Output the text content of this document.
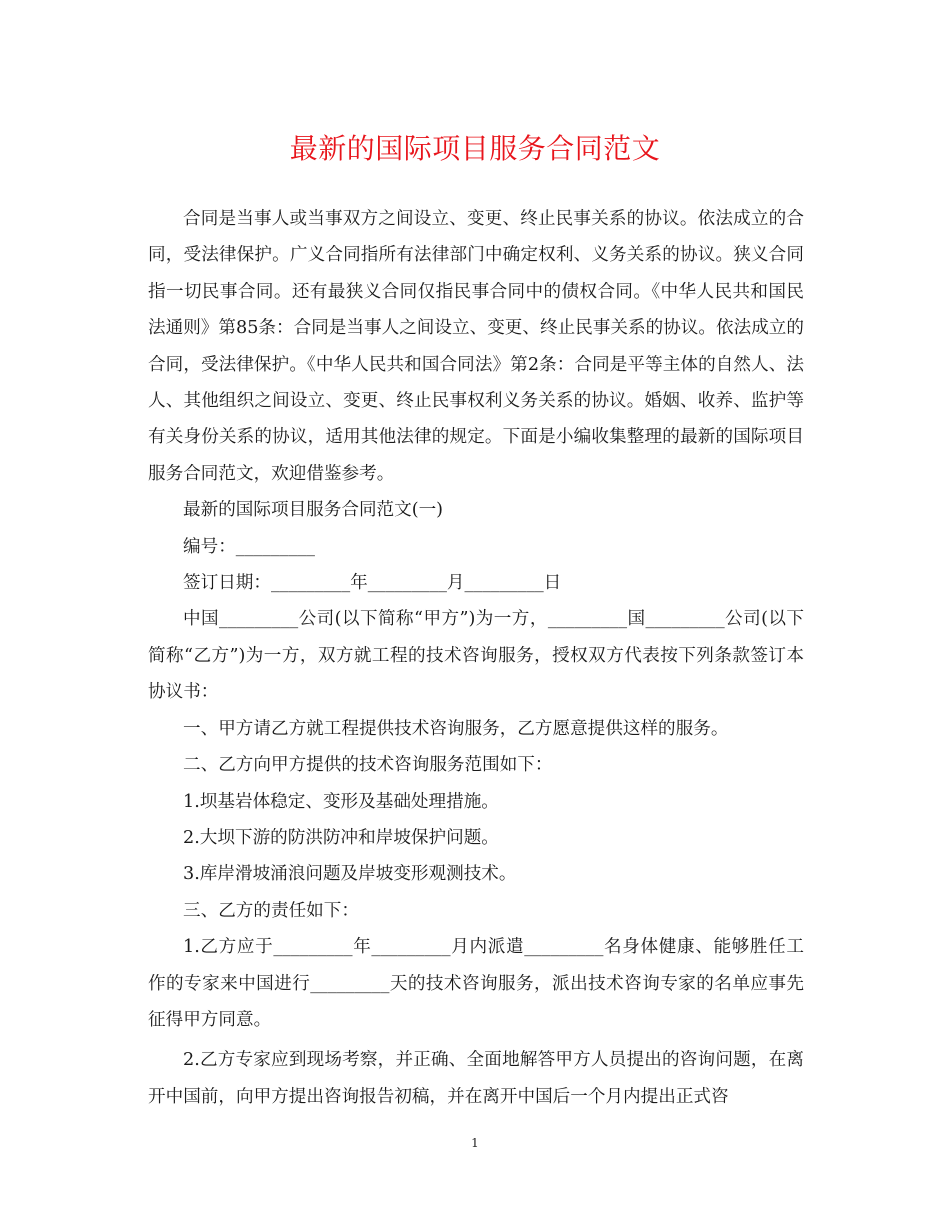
最新的国际项目服务合同范文

合同是当事人或当事双方之间设立、变更、终止民事关系的协议。依法成立的合同，受法律保护。广义合同指所有法律部门中确定权利、义务关系的协议。狭义合同指一切民事合同。还有最狭义合同仅指民事合同中的债权合同。《中华人民共和国民法通则》第85条：合同是当事人之间设立、变更、终止民事关系的协议。依法成立的合同，受法律保护。《中华人民共和国合同法》第2条：合同是平等主体的自然人、法人、其他组织之间设立、变更、终止民事权利义务关系的协议。婚姻、收养、监护等有关身份关系的协议，适用其他法律的规定。下面是小编收集整理的最新的国际项目服务合同范文，欢迎借鉴参考。

最新的国际项目服务合同范文(一)

编号：_________

签订日期：_________年_________月_________日

中国_________公司(以下简称“甲方”)为一方，_________国_________公司(以下简称“乙方”)为一方，双方就工程的技术咨询服务，授权双方代表按下列条款签订本协议书：

一、甲方请乙方就工程提供技术咨询服务，乙方愿意提供这样的服务。

二、乙方向甲方提供的技术咨询服务范围如下：

1.坝基岩体稳定、变形及基础处理措施。

2.大坝下游的防洪防冲和岸坡保护问题。

3.库岸滑坡涌浪问题及岸坡变形观测技术。

三、乙方的责任如下：

1.乙方应于_________年_________月内派遣_________名身体健康、能够胜任工作的专家来中国进行_________天的技术咨询服务，派出技术咨询专家的名单应事先征得甲方同意。

2.乙方专家应到现场考察，并正确、全面地解答甲方人员提出的咨询问题，在离开中国前，向甲方提出咨询报告初稿，并在离开中国后一个月内提出正式咨

1
